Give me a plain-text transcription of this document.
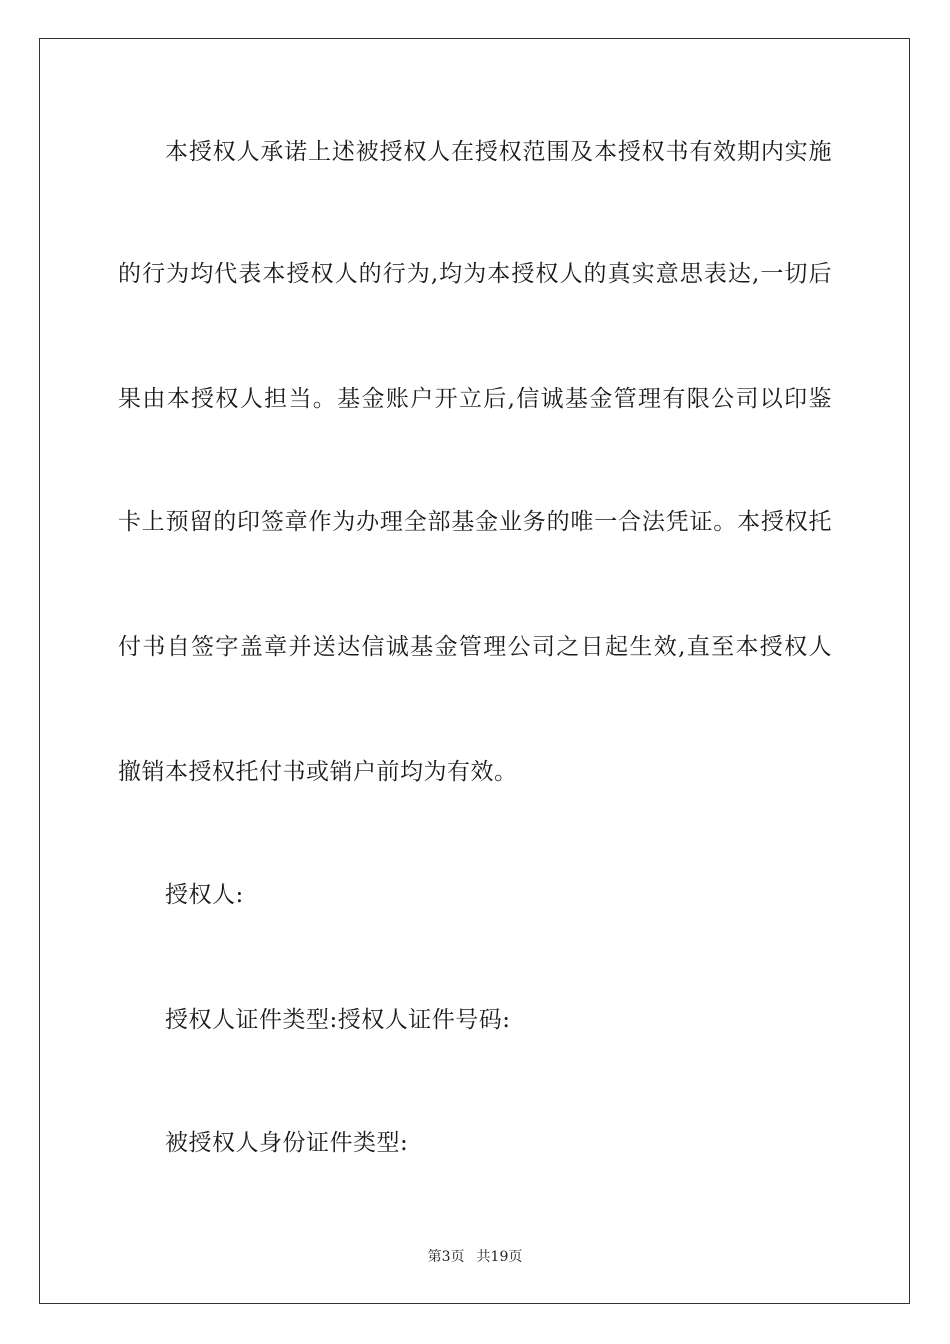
本授权人承诺上述被授权人在授权范围及本授权书有效期内实施
的行为均代表本授权人的行为,均为本授权人的真实意思表达,一切后
果由本授权人担当。基金账户开立后,信诚基金管理有限公司以印鉴
卡上预留的印签章作为办理全部基金业务的唯一合法凭证。本授权托
付书自签字盖章并送达信诚基金管理公司之日起生效,直至本授权人
撤销本授权托付书或销户前均为有效。
授权人:
授权人证件类型:授权人证件号码:
被授权人身份证件类型:
第3页 共19页
